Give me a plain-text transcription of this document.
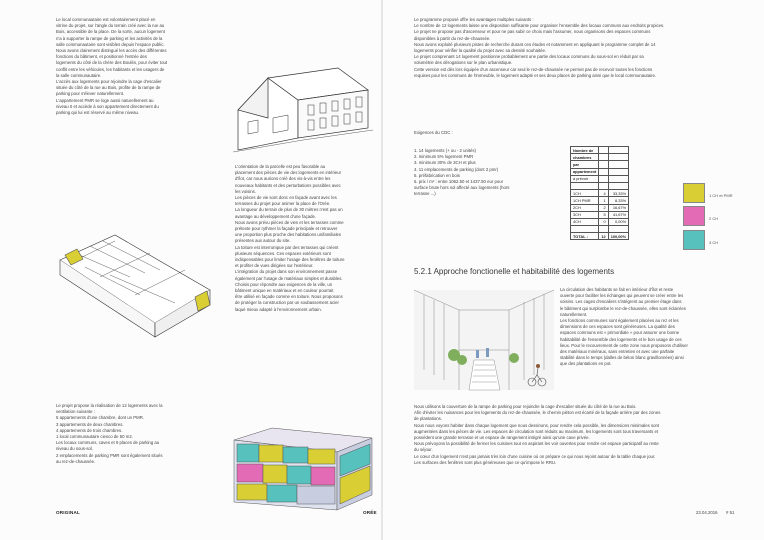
Le local communautaire est volontairement placé en

vitrine du projet, sur l'angle du terrain créé avec la rue au

Bois, accessible de la place. De la sorte, aucun logement

n'a à supporter la rampe de parking et les activités de la

salle communautaire sont visibles depuis l'espace public.

Nous avons clairement distingué les accès des différentes

fonctions du bâtiment, et positionné l'entrée des

logements du côté de la chère des Boulés, pour éviter tout

conflit entre les véhicules, les habitants et les usagers de

la salle communautaire.

L'accès aux logements pour rejoindre la cage d'escalier

située du côté de la rue au Bois, profite de la rampe de

parking pour s'élever naturellement.

L'appartement PMR se loge aussi naturellement au

niveau 0 et accède à son appartement directement du

parking qui lui est réservé au même niveau.

L'orientation de la parcelle est peu favorable au

placement des pièces de vie des logements en intérieur

d'îlot, car nous aurions créé des vis-à-vis entre les

nouveaux habitants et des perturbations possibles avec

les voisins.

Les pièces de vie sont donc en façade avant avec les

terrasses du projet pour animer la place de l'Orée.

La longueur du terrain de plus de 30 mètres n'est pas un

avantage au développement d'une façade.

Nous avons prévu pièces de vies et les terrasses comme

prétexte pour rythmer la façade principale et retrouver

une proportion plus proche des habitations unifamiliales

présentes aux autour du site.

La toiture est interrompue par des terrasses qui créent

plusieurs séquences. Ces espaces extérieurs sont

indispensables pour limiter l'usage des fenêtres de toiture

et profiter de vues dirigées sur l'extérieur.

L'intégration du projet dans son environnement passe

également par l'usage de matériaux simples et durables.

Choisis pour répondre aux exigences de la ville, un

bâtiment unique en matériaux et en couleur pourrait

être utilisé en façade comme en toiture. Nous proposons

de protéger la construction par un soubassement acier

laqué mieux adapté à l'environnement urbain.

Le projet propose la réalisation de 12 logements avec la

ventilation suivante :

5 appartements d'une chambre, dont un PMR.

3 appartements de deux chambres.

4 appartements de trois chambres.

1 local communautaire ciesco de 50 m2.

Les locaux communs, caves et 9 places de parking au

niveau du sous-sol.

2 emplacements de parking PMR sont également situés

au rez-de-chaussée.

ORIGINAL	ORÉE

Le programme proposé offre les avantages multiples suivants :

Le nombre de 12 logements laisse une disposition suffisante pour organiser l'ensemble des locaux communs aux endroits propices.

Le projet ne propose pas d'ascenseur et pour ne pas subir ce choix mais l'assumer, nous organisons des espaces communs

disponibles à partir du rez-de-chaussée.

Nous avons exploité plusieurs pistes de recherche durant ces études et notamment en appliquant le programme complet de 14

logements pour vérifier la qualité du projet avec sa densité souhaitée.

Le projet comprenant 14 logement positionne probablement une partie des locaux communs du sous-sol en réduit par sa

volumétrie des dérogations sur le plan urbanistique.

Cette version est dès lors équipée d'un ascenseur car seul le rez-de-chaussée ne permet pas de recevoir toutes les fonctions

requises pour les communs de l'immeuble, le logement adapté et ses deux places de parking ainsi que le local communautaire.

Exigences du CDC :

1. 14 logements (+ ou - 2 unités)

2. minimum 5% logement PMR

3. minimum 30% de 3CH et plus

4. 11 emplacements de parking (dont 2 pmr)

5. préfabrication en bois

6. prix / m² : entre 1062.50 et 1437.50 eur pour

surface brute hors sol affecté aux logements (hors

terrasse ...)

Nombre de		
chambres		
par		
appartement		
à prévoir		

1CH	4	33,33%
1CH PMR	1	8,33%
2CH	2	16,67%
3CH	5	41,67%
4CH	0	0,00%

TOTAL :	12	100,00%
1 CH et PMR
2 CH
3 CH
5.2.1 Approche fonctionelle et habitabilité des logements

La circulation des habitants se fait en intérieur d'îlot et reste

ouverte pour faciliter les échanges qui peuvent se créer entre les

voisins. Les cages d'escaliers s'intègrent au premier étage dans

le bâtiment qui surplombe le rez-de-chaussée, elles sont éclairées

naturellement.

Les fonctions communes sont également placées au rez et les

dimensions de ces espaces sont généreuses. La qualité des

espaces communs est « primordiale » pour assurer une bonne

habitabilité de l'ensemble des logements et le bon usage de ces

lieux. Pour le recouvrement de cette zone nous proposons d'utiliser

des matériaux minéraux, sans entretien et avec une parfaite

stabilité dans le temps (dalles de béton blanc gravillonnées) ainsi

que des plantations en pot.

Nous utilisons la couverture de la rampe de parking pour rejoindre la cage d'escalier située du côté de la rue au Bois.

Afin d'éviter les nuisances pour les logements du rez-de-chaussée, le chemin piéton est écarté de la façade arrière par des zones

de plantations.

Nous nous voyons habiter dans chaque logement que nous dessinons, pour rendre cela possible, les dimensions minimales sont

augmentées dans les pièces de vie. Les espaces de circulation sont réduits au maximum, les logements sont tous traversants et

possèdent une grande terrasse et un espace de rangement intégré ainsi qu'une cave privée.

Nous prévoyons la possibilité de fermer les cuisines tout en aspirant les voir ouvertes pour rendre cet espace participatif au reste

du séjour.

Le cœur d'un logement n'est pas jamais très loin d'une cuisine où on prépare ce qui nous rejoint autour de la table chaque jour.

Les surfaces des fenêtres sont plus généreuses que ce qu'impose le RRU.

23.04.2016 # 51
